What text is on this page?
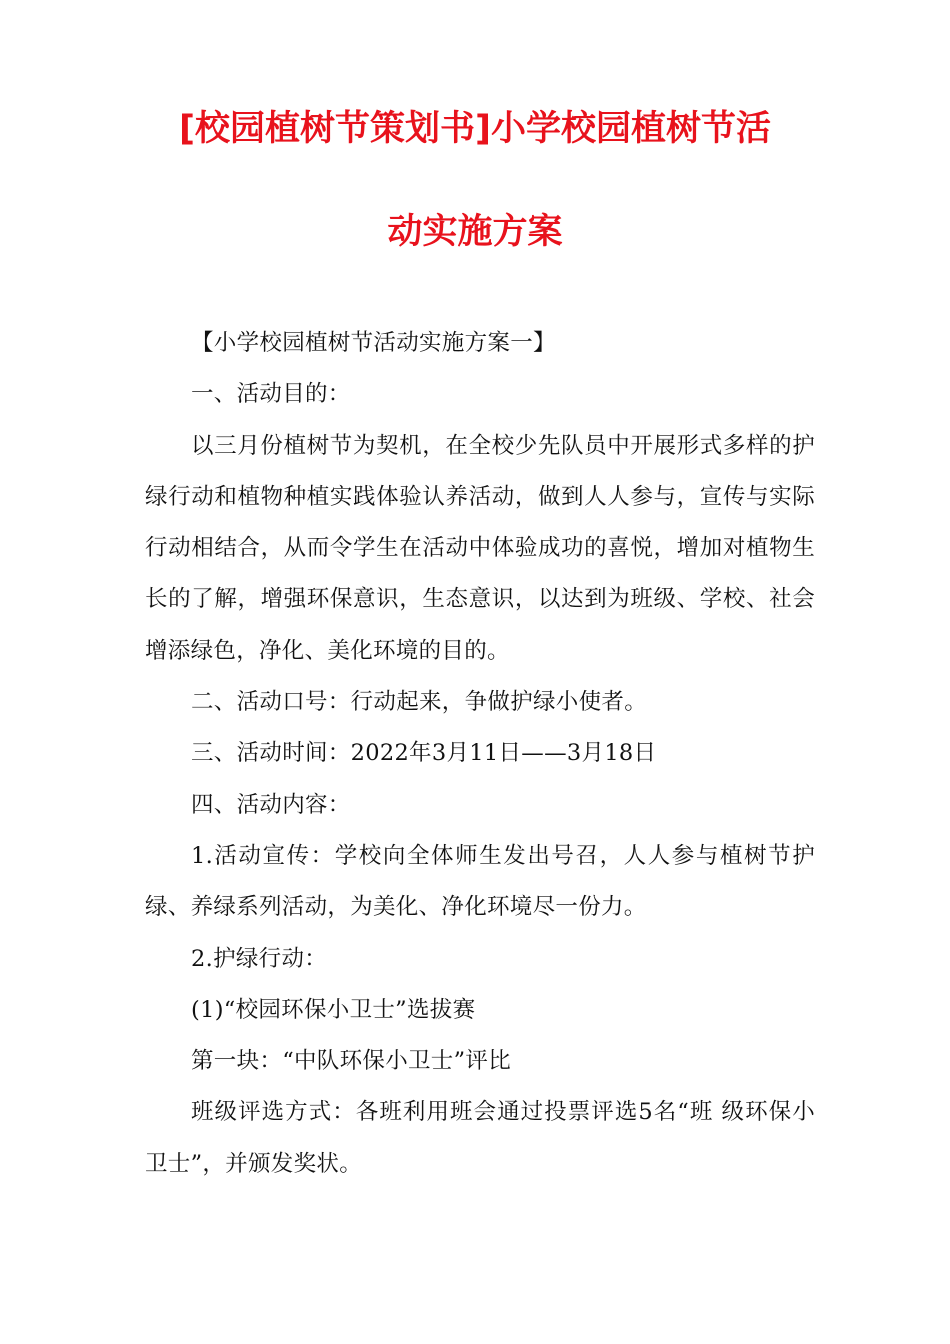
[校园植树节策划书]小学校园植树节活
动实施方案

【小学校园植树节活动实施方案一】

一、活动目的：

以三月份植树节为契机，在全校少先队员中开展形式多样的护绿行动和植物种植实践体验认养活动，做到人人参与，宣传与实际行动相结合，从而令学生在活动中体验成功的喜悦，增加对植物生长的了解，增强环保意识，生态意识，以达到为班级、学校、社会增添绿色，净化、美化环境的目的。

二、活动口号：行动起来，争做护绿小使者。

三、活动时间：2022年3月11日——3月18日

四、活动内容：

1.活动宣传：学校向全体师生发出号召，人人参与植树节护绿、养绿系列活动，为美化、净化环境尽一份力。

2.护绿行动：

(1)“校园环保小卫士”选拔赛

第一块：“中队环保小卫士”评比

班级评选方式：各班利用班会通过投票评选5名“班 级环保小卫士”，并颁发奖状。
